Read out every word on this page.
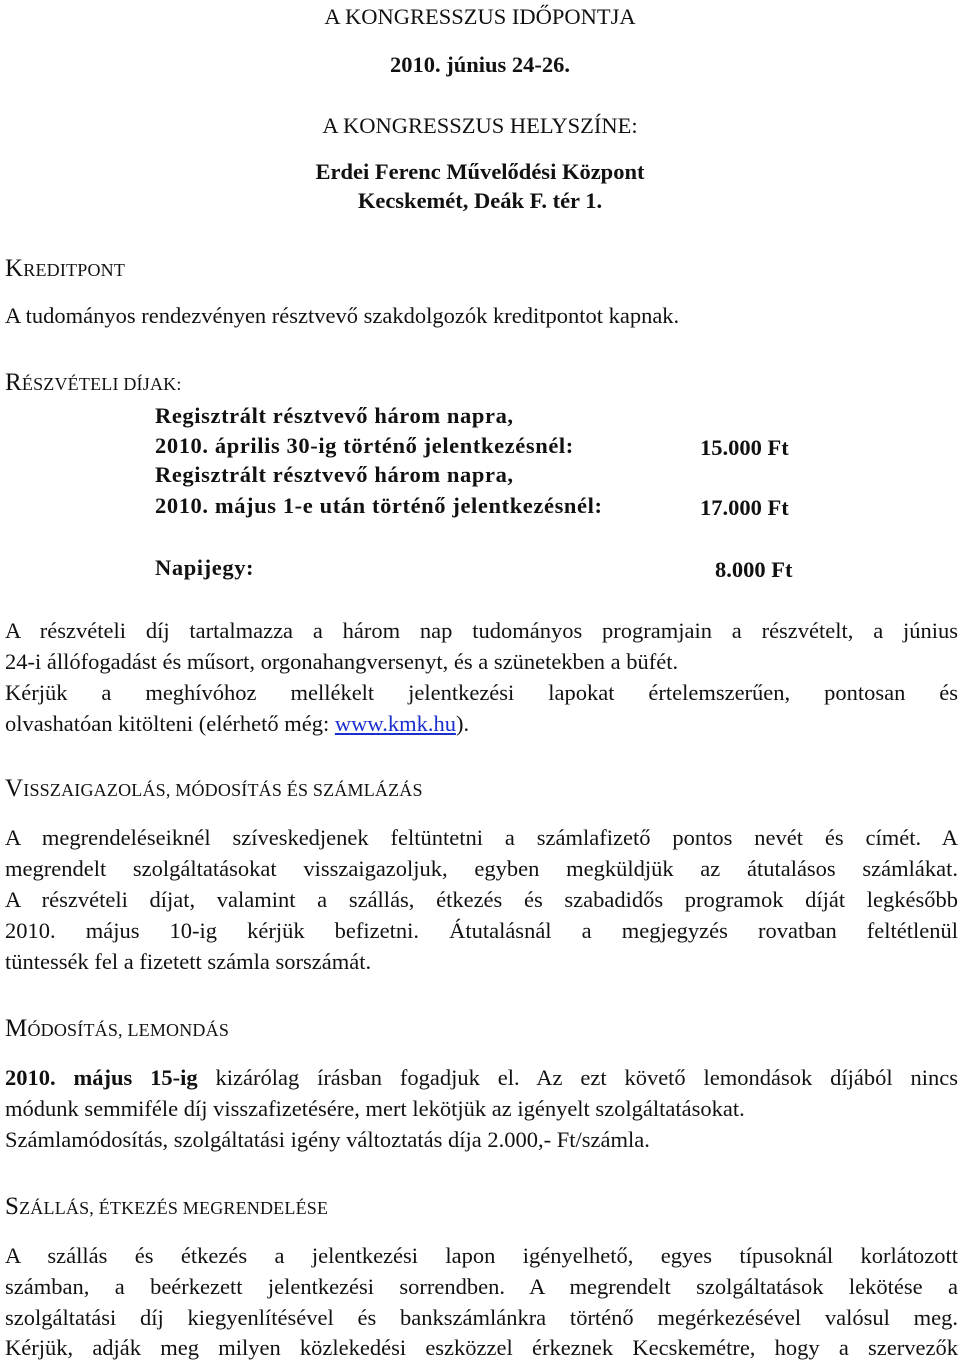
A KONGRESSZUS IDŐPONTJA
2010. június 24-26.
A KONGRESSZUS HELYSZÍNE:
Erdei Ferenc Művelődési Központ
Kecskemét, Deák F. tér 1.
KREDITPONT
A tudományos rendezvényen résztvevő szakdolgozók kreditpontot kapnak.
RÉSZVÉTELI DÍJAK:
Regisztrált résztvevő három napra,
2010. április 30-ig történő jelentkezésnél:	15.000 Ft
Regisztrált résztvevő három napra,
2010. május 1-e után történő jelentkezésnél:	17.000 Ft
Napijegy:	8.000 Ft
A részvételi díj tartalmazza a három nap tudományos programjain a részvételt, a június
24-i állófogadást és műsort, orgonahangversenyt, és a szünetekben a büfét.
Kérjük a meghívóhoz mellékelt jelentkezési lapokat értelemszerűen, pontosan és
olvashatóan kitölteni (elérhető még: www.kmk.hu).
VISSZAIGAZOLÁS, MÓDOSÍTÁS ÉS SZÁMLÁZÁS
A megrendeléseiknél szíveskedjenek feltüntetni a számlafizető pontos nevét és címét. A
megrendelt szolgáltatásokat visszaigazoljuk, egyben megküldjük az átutalásos számlákat.
A részvételi díjat, valamint a szállás, étkezés és szabadidős programok díját legkésőbb
2010. május 10-ig kérjük befizetni. Átutalásnál a megjegyzés rovatban feltétlenül
tüntessék fel a fizetett számla sorszámát.
MÓDOSÍTÁS, LEMONDÁS
2010. május 15-ig kizárólag írásban fogadjuk el. Az ezt követő lemondások díjából nincs
módunk semmiféle díj visszafizetésére, mert lekötjük az igényelt szolgáltatásokat.
Számlamódosítás, szolgáltatási igény változtatás díja 2.000,- Ft/számla.
SZÁLLÁS, ÉTKEZÉS MEGRENDELÉSE
A szállás és étkezés a jelentkezési lapon igényelhető, egyes típusoknál korlátozott
számban, a beérkezett jelentkezési sorrendben. A megrendelt szolgáltatások lekötése a
szolgáltatási díj kiegyenlítésével és bankszámlánkra történő megérkezésével valósul meg.
Kérjük, adják meg milyen közlekedési eszközzel érkeznek Kecskemétre, hogy a szervezők
